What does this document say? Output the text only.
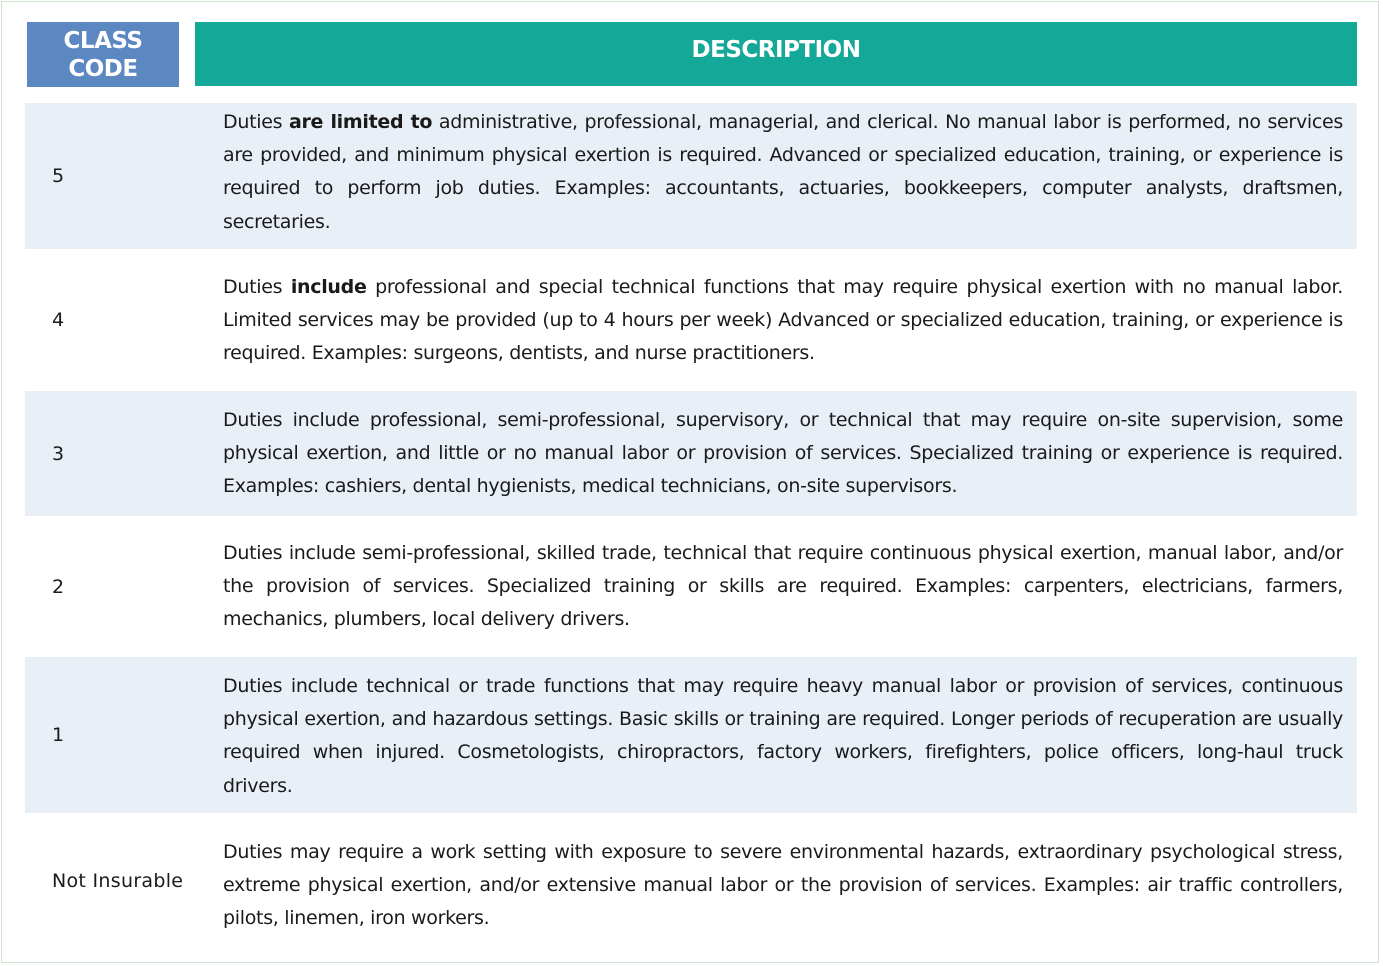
CLASS
CODE
DESCRIPTION
5

Duties are limited to administrative, professional, managerial, and clerical. No manual labor is performed, no services are provided, and minimum physical exertion is required. Advanced or specialized education, training, or experience is required to perform job duties. Examples: accountants, actuaries, bookkeepers, computer analysts, draftsmen, secretaries.

4

Duties include professional and special technical functions that may require physical exertion with no manual labor. Limited services may be provided (up to 4 hours per week) Advanced or specialized education, training, or experience is required. Examples: surgeons, dentists, and nurse practitioners.

3

Duties include professional, semi-professional, supervisory, or technical that may require on-site supervision, some physical exertion, and little or no manual labor or provision of services. Specialized training or experience is required. Examples: cashiers, dental hygienists, medical technicians, on-site supervisors.

2

Duties include semi-professional, skilled trade, technical that require continuous physical exertion, manual labor, and/or the provision of services. Specialized training or skills are required. Examples: carpenters, electricians, farmers, mechanics, plumbers, local delivery drivers.

1

Duties include technical or trade functions that may require heavy manual labor or provision of services, continuous physical exertion, and hazardous settings. Basic skills or training are required. Longer periods of recuperation are usually required when injured. Cosmetologists, chiropractors, factory workers, firefighters, police officers, long-haul truck drivers.

Not Insurable

Duties may require a work setting with exposure to severe environmental hazards, extraordinary psychological stress, extreme physical exertion, and/or extensive manual labor or the provision of services. Examples: air traffic controllers, pilots, linemen, iron workers.
